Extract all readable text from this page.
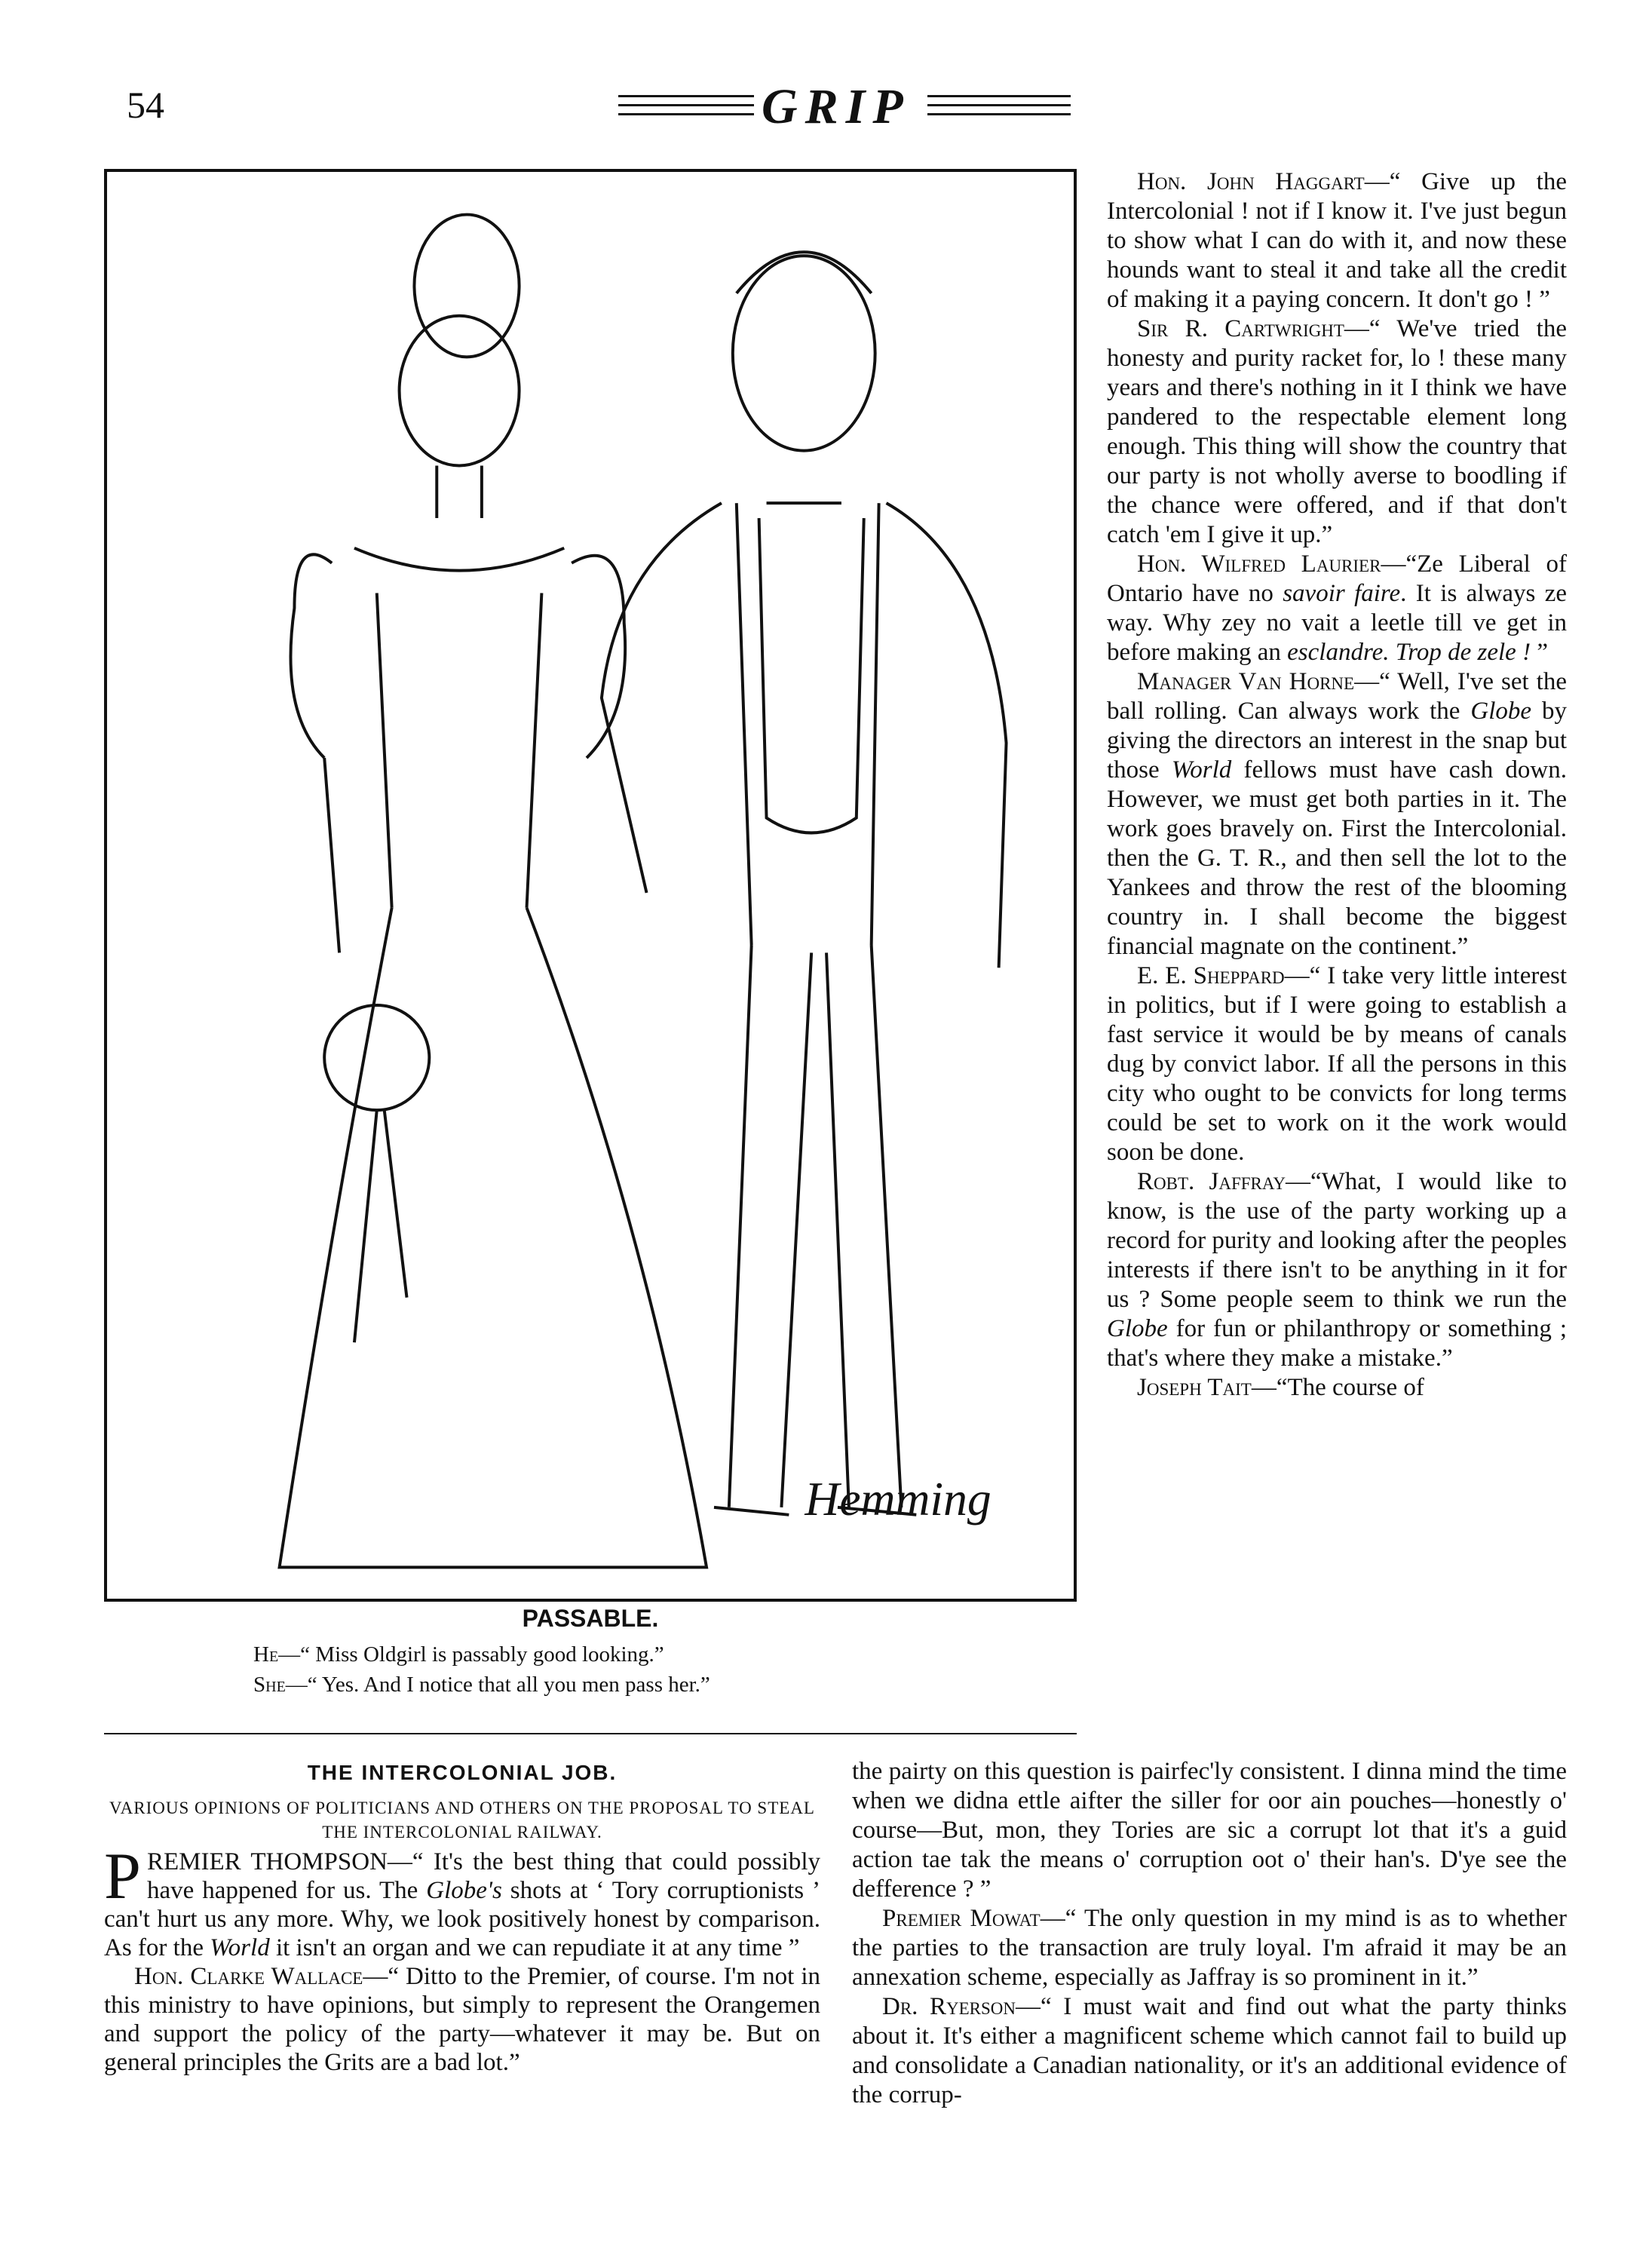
54	GRIP
Hemming
PASSABLE.
He—“ Miss Oldgirl is passably good looking.”
She—“ Yes. And I notice that all you men pass her.”

Hon. John Haggart—“ Give up the Intercolonial ! not if I know it. I've just begun to show what I can do with it, and now these hounds want to steal it and take all the credit of making it a paying concern. It don't go ! ”

Sir R. Cartwright—“ We've tried the honesty and purity racket for, lo ! these many years and there's nothing in it I think we have pandered to the respectable element long enough. This thing will show the country that our party is not wholly averse to boodling if the chance were offered, and if that don't catch 'em I give it up.”

Hon. Wilfred Laurier—“Ze Liberal of Ontario have no savoir faire. It is always ze way. Why zey no vait a leetle till ve get in before making an esclandre. Trop de zele ! ”

Manager Van Horne—“ Well, I've set the ball rolling. Can always work the Globe by giving the directors an interest in the snap but those World fellows must have cash down. However, we must get both parties in it. The work goes bravely on. First the Intercolonial. then the G. T. R., and then sell the lot to the Yankees and throw the rest of the blooming country in. I shall become the biggest financial magnate on the continent.”

E. E. Sheppard—“ I take very little interest in politics, but if I were going to establish a fast service it would be by means of canals dug by convict labor. If all the persons in this city who ought to be convicts for long terms could be set to work on it the work would soon be done.

Robt. Jaffray—“What, I would like to know, is the use of the party working up a record for purity and looking after the peoples interests if there isn't to be anything in it for us ? Some people seem to think we run the Globe for fun or philanthropy or something ; that's where they make a mistake.”

Joseph Tait—“The course of

THE INTERCOLONIAL JOB.
VARIOUS OPINIONS OF POLITICIANS AND OTHERS ON THE PROPOSAL TO STEAL THE INTERCOLONIAL RAILWAY.

PREMIER THOMPSON—“ It's the best thing that could possibly have happened for us. The Globe's shots at ‘ Tory corruptionists ’ can't hurt us any more. Why, we look positively honest by comparison. As for the World it isn't an organ and we can repudiate it at any time ”

Hon. Clarke Wallace—“ Ditto to the Premier, of course. I'm not in this ministry to have opinions, but simply to represent the Orangemen and support the policy of the party—whatever it may be. But on general principles the Grits are a bad lot.”

the pairty on this question is pairfec'ly consistent. I dinna mind the time when we didna ettle aifter the siller for oor ain pouches—honestly o' course—But, mon, they Tories are sic a corrupt lot that it's a guid action tae tak the means o' corruption oot o' their han's. D'ye see the defference ? ”

Premier Mowat—“ The only question in my mind is as to whether the parties to the transaction are truly loyal. I'm afraid it may be an annexation scheme, especially as Jaffray is so prominent in it.”

Dr. Ryerson—“ I must wait and find out what the party thinks about it. It's either a magnificent scheme which cannot fail to build up and consolidate a Canadian nationality, or it's an additional evidence of the corrup-
